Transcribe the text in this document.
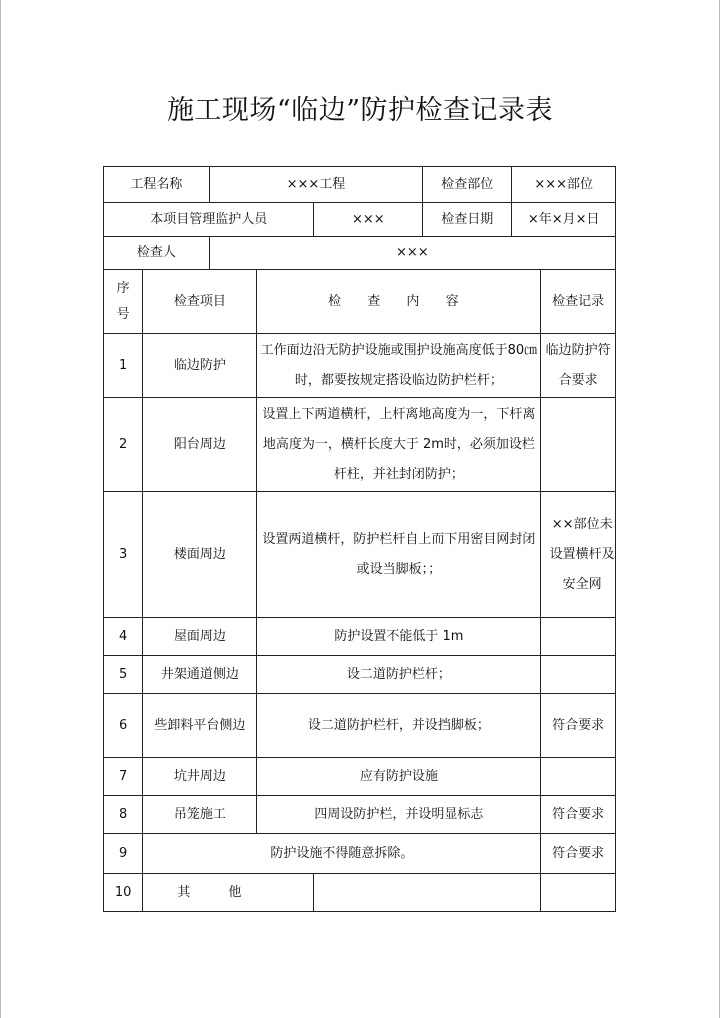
施工现场“临边”防护检查记录表
工程名称		×××工程			检查部位	×××部位	
本项目管理监护人员				×××	检查日期	×年×月×日	
检查人		×××					

序号	检查项目		检 查 内 容				检查记录
1	临边防护		工作面边沿无防护设施或围护设施高度低于80㎝时，都要按规定搭设临边防护栏杆；				临边防护符合要求
2	阳台周边		设置上下两道横杆，上杆离地高度为一，下杆离地高度为一，横杆长度大于 2m时，必须加设栏杆柱，并社封闭防护；				
3	楼面周边		设置两道横杆，防护栏杆自上而下用密目网封闭或设当脚板；；				××部位未设置横杆及安全网
4	屋面周边		防护设置不能低于 1m				
5	井架通道侧边		设二道防护栏杆；				
6	些卸料平台侧边		设二道防护栏杆，并设挡脚板；				符合要求
7	坑井周边		应有防护设施				
8	吊笼施工		四周设防护栏，并设明显标志				符合要求
9	防护设施不得随意拆除。						符合要求
10	其他						
